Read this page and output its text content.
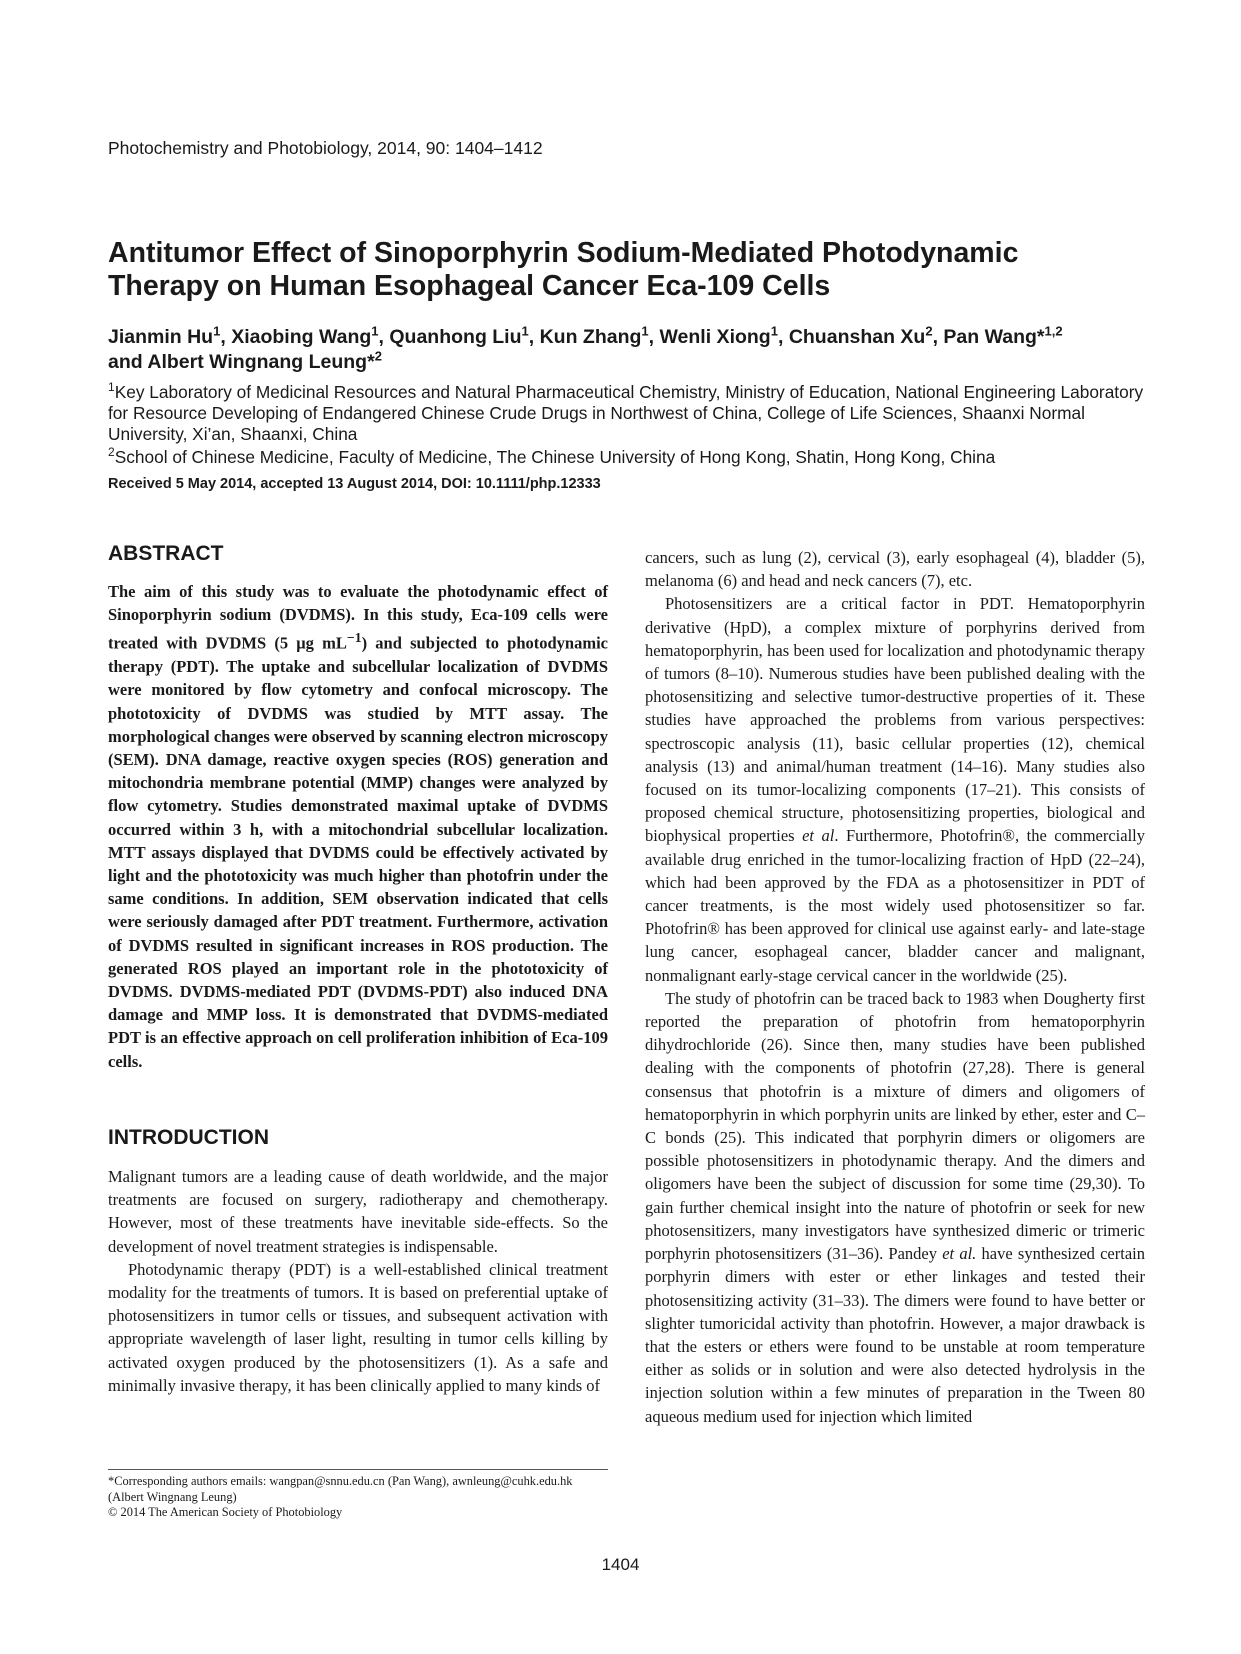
Photochemistry and Photobiology, 2014, 90: 1404–1412
Antitumor Effect of Sinoporphyrin Sodium-Mediated Photodynamic
Therapy on Human Esophageal Cancer Eca-109 Cells
Jianmin Hu$^1$, Xiaobing Wang$^1$, Quanhong Liu$^1$, Kun Zhang$^1$, Wenli Xiong$^1$, Chuanshan Xu$^2$, Pan Wang*$^{1,2}$
and Albert Wingnang Leung*$^2$
$^1$Key Laboratory of Medicinal Resources and Natural Pharmaceutical Chemistry, Ministry of Education, National Engineering Laboratory for Resource Developing of Endangered Chinese Crude Drugs in Northwest of China, College of Life Sciences, Shaanxi Normal University, Xi’an, Shaanxi, China
$^2$School of Chinese Medicine, Faculty of Medicine, The Chinese University of Hong Kong, Shatin, Hong Kong, China
Received 5 May 2014, accepted 13 August 2014, DOI: 10.1111/php.12333
ABSTRACT
The aim of this study was to evaluate the photodynamic effect of Sinoporphyrin sodium (DVDMS). In this study, Eca-109 cells were treated with DVDMS (5 μg $mL^{-1}$) and subjected to photodynamic therapy (PDT). The uptake and subcellular localization of DVDMS were monitored by flow cytometry and confocal microscopy. The phototoxicity of DVDMS was studied by MTT assay. The morphological changes were observed by scanning electron microscopy (SEM). DNA damage, reactive oxygen species (ROS) generation and mitochondria membrane potential (MMP) changes were analyzed by flow cytometry. Studies demonstrated maximal uptake of DVDMS occurred within 3 h, with a mitochondrial subcellular localization. MTT assays displayed that DVDMS could be effectively activated by light and the phototoxicity was much higher than photofrin under the same conditions. In addition, SEM observation indicated that cells were seriously damaged after PDT treatment. Furthermore, activation of DVDMS resulted in significant increases in ROS production. The generated ROS played an important role in the phototoxicity of DVDMS. DVDMS-mediated PDT (DVDMS-PDT) also induced DNA damage and MMP loss. It is demonstrated that DVDMS-mediated PDT is an effective approach on cell proliferation inhibition of Eca-109 cells.
INTRODUCTION

Malignant tumors are a leading cause of death worldwide, and the major treatments are focused on surgery, radiotherapy and chemotherapy. However, most of these treatments have inevitable side-effects. So the development of novel treatment strategies is indispensable.

Photodynamic therapy (PDT) is a well-established clinical treatment modality for the treatments of tumors. It is based on preferential uptake of photosensitizers in tumor cells or tissues, and subsequent activation with appropriate wavelength of laser light, resulting in tumor cells killing by activated oxygen produced by the photosensitizers (1). As a safe and minimally invasive therapy, it has been clinically applied to many kinds of

cancers, such as lung (2), cervical (3), early esophageal (4), bladder (5), melanoma (6) and head and neck cancers (7), etc.

Photosensitizers are a critical factor in PDT. Hematoporphyrin derivative (HpD), a complex mixture of porphyrins derived from hematoporphyrin, has been used for localization and photodynamic therapy of tumors (8–10). Numerous studies have been published dealing with the photosensitizing and selective tumor-destructive properties of it. These studies have approached the problems from various perspectives: spectroscopic analysis (11), basic cellular properties (12), chemical analysis (13) and animal/human treatment (14–16). Many studies also focused on its tumor-localizing components (17–21). This consists of proposed chemical structure, photosensitizing properties, biological and biophysical properties et al. Furthermore, Photofrin®, the commercially available drug enriched in the tumor-localizing fraction of HpD (22–24), which had been approved by the FDA as a photosensitizer in PDT of cancer treatments, is the most widely used photosensitizer so far. Photofrin® has been approved for clinical use against early- and late-stage lung cancer, esophageal cancer, bladder cancer and malignant, nonmalignant early-stage cervical cancer in the worldwide (25).

The study of photofrin can be traced back to 1983 when Dougherty first reported the preparation of photofrin from hematoporphyrin dihydrochloride (26). Since then, many studies have been published dealing with the components of photofrin (27,28). There is general consensus that photofrin is a mixture of dimers and oligomers of hematoporphyrin in which porphyrin units are linked by ether, ester and C–C bonds (25). This indicated that porphyrin dimers or oligomers are possible photosensitizers in photodynamic therapy. And the dimers and oligomers have been the subject of discussion for some time (29,30). To gain further chemical insight into the nature of photofrin or seek for new photosensitizers, many investigators have synthesized dimeric or trimeric porphyrin photosensitizers (31–36). Pandey et al. have synthesized certain porphyrin dimers with ester or ether linkages and tested their photosensitizing activity (31–33). The dimers were found to have better or slighter tumoricidal activity than photofrin. However, a major drawback is that the esters or ethers were found to be unstable at room temperature either as solids or in solution and were also detected hydrolysis in the injection solution within a few minutes of preparation in the Tween 80 aqueous medium used for injection which limited

*Corresponding authors emails: wangpan@snnu.edu.cn (Pan Wang), awnleung@cuhk.edu.hk (Albert Wingnang Leung)
© 2014 The American Society of Photobiology
1404
